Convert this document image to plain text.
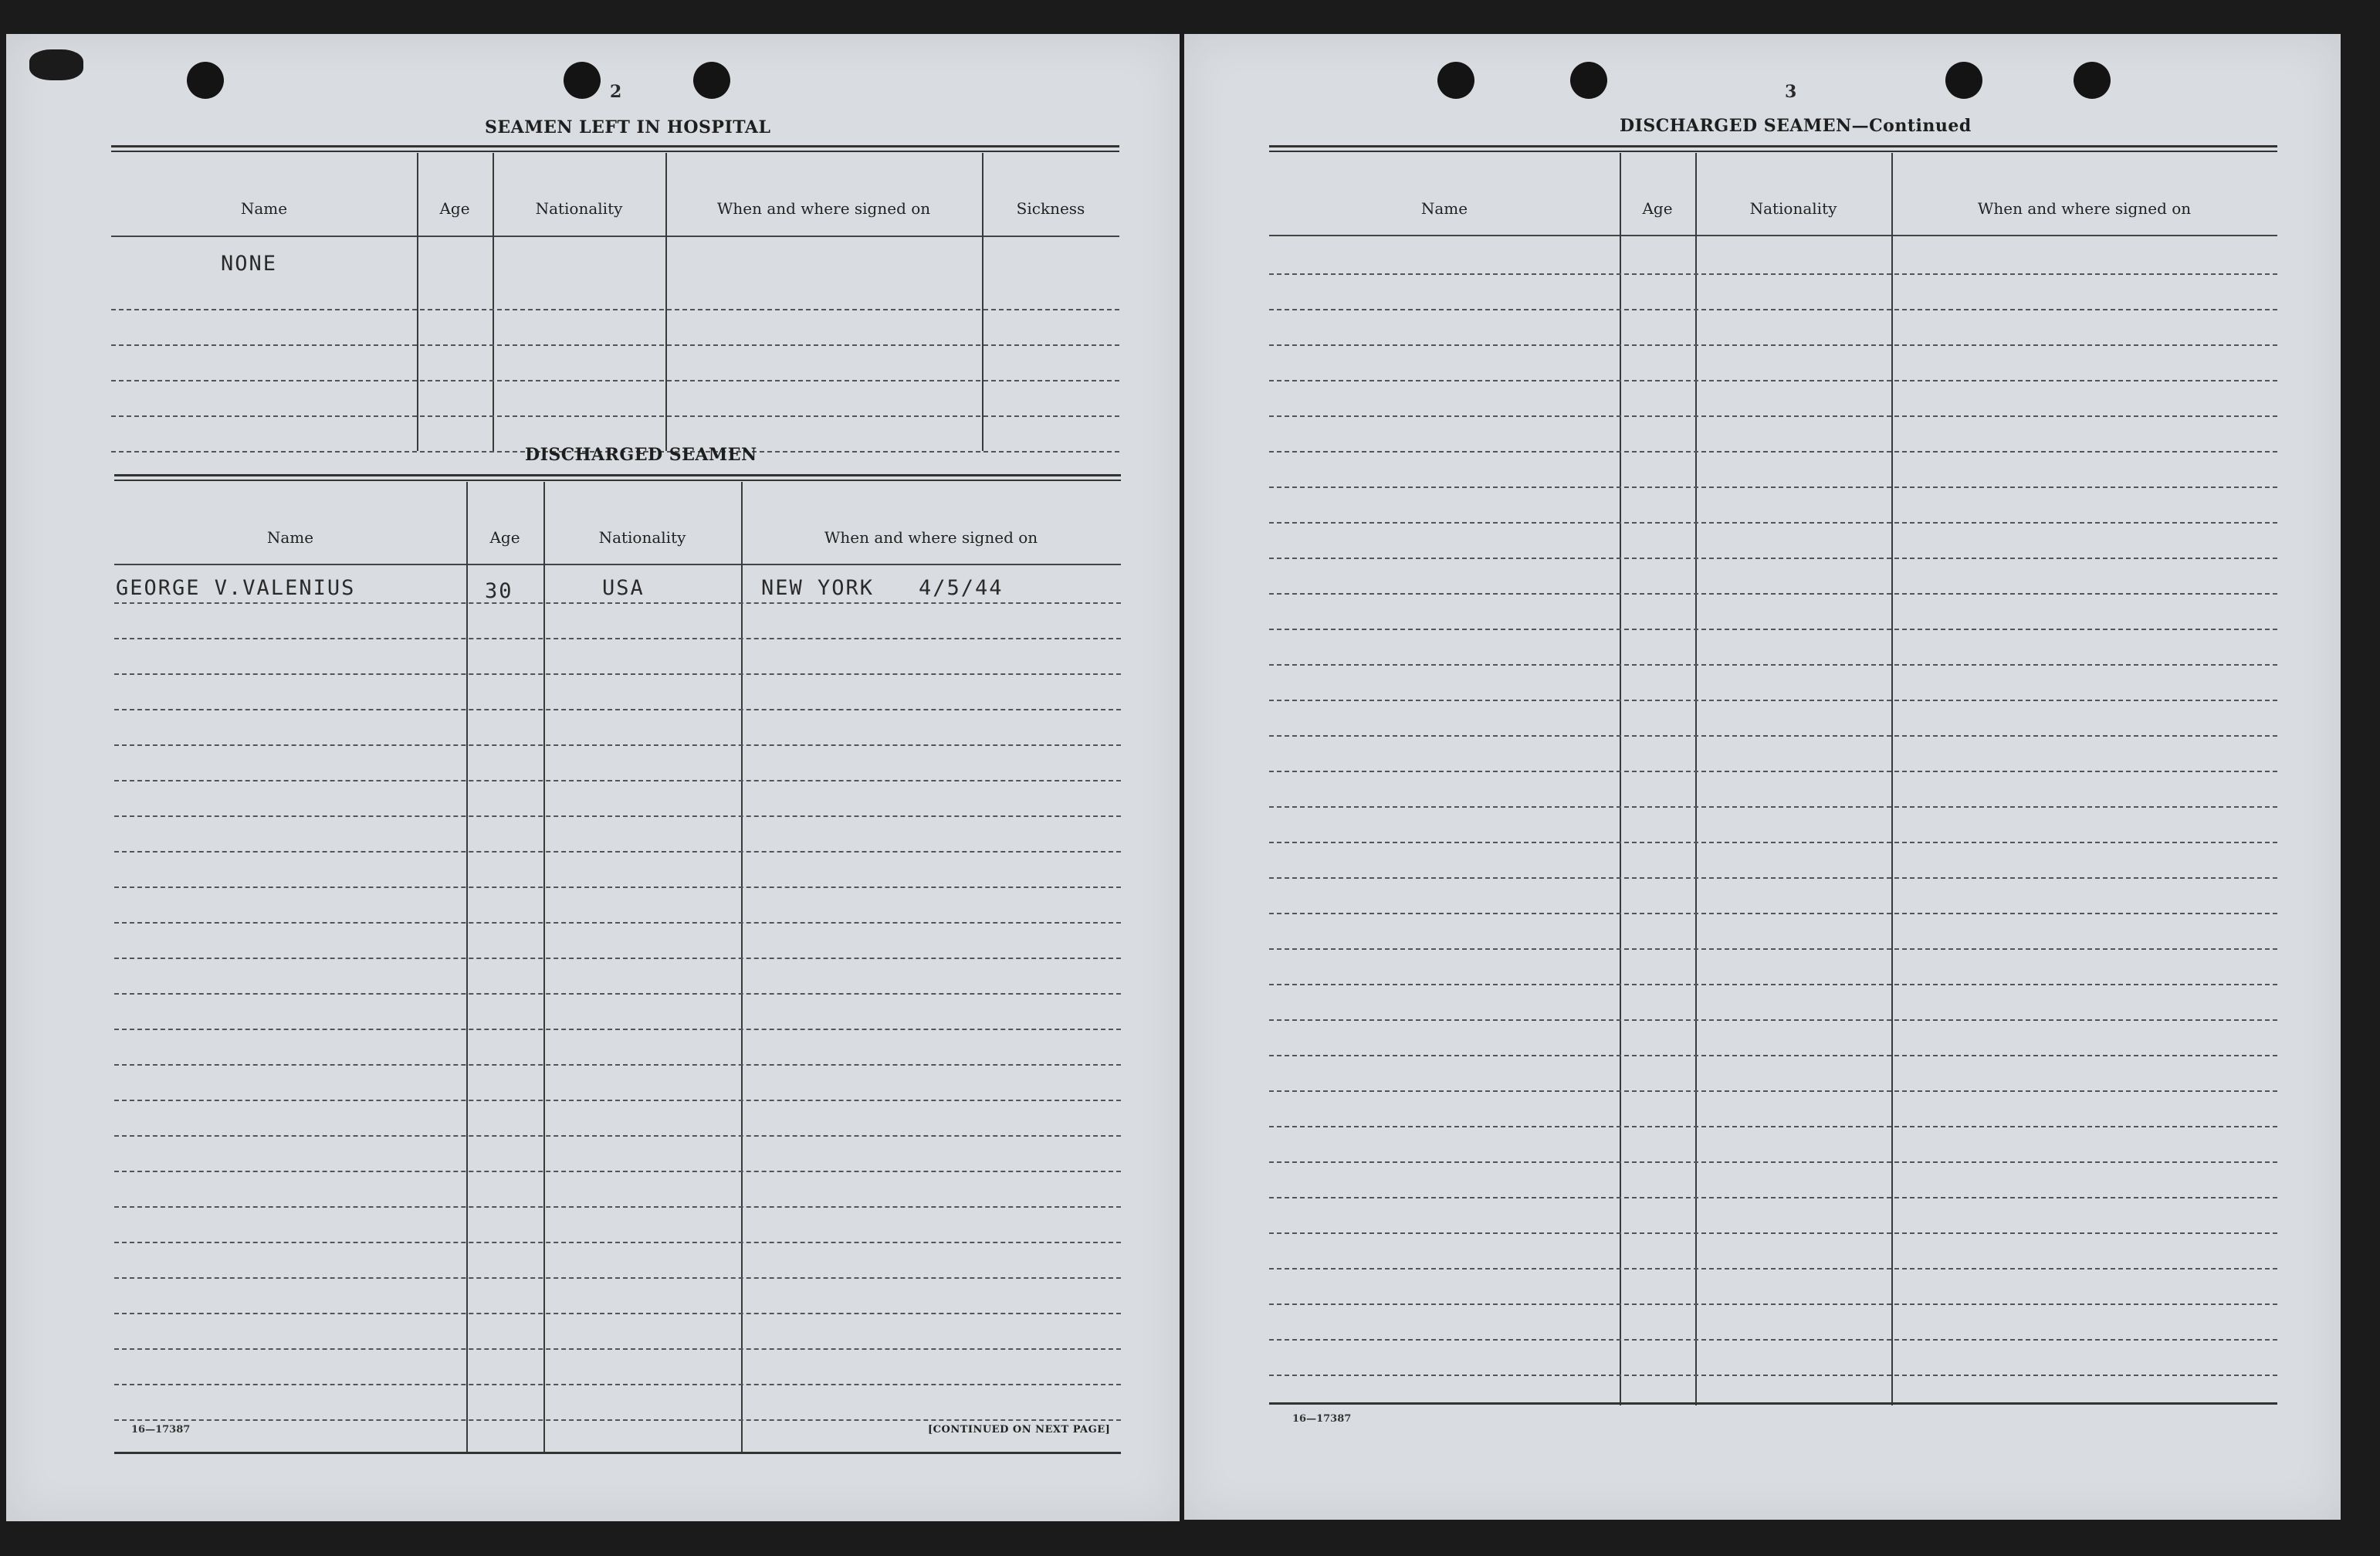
2
SEAMEN LEFT IN HOSPITAL
Name	Age	Nationality	When and where signed on	Sickness
NONE
DISCHARGED SEAMEN
Name	Age	Nationality	When and where signed on
GEORGE V.VALENIUS	30	USA	NEW YORK 4/5/44
16—17387	[CONTINUED ON NEXT PAGE]
3
DISCHARGED SEAMEN—Continued
Name	Age	Nationality	When and where signed on
16—17387
